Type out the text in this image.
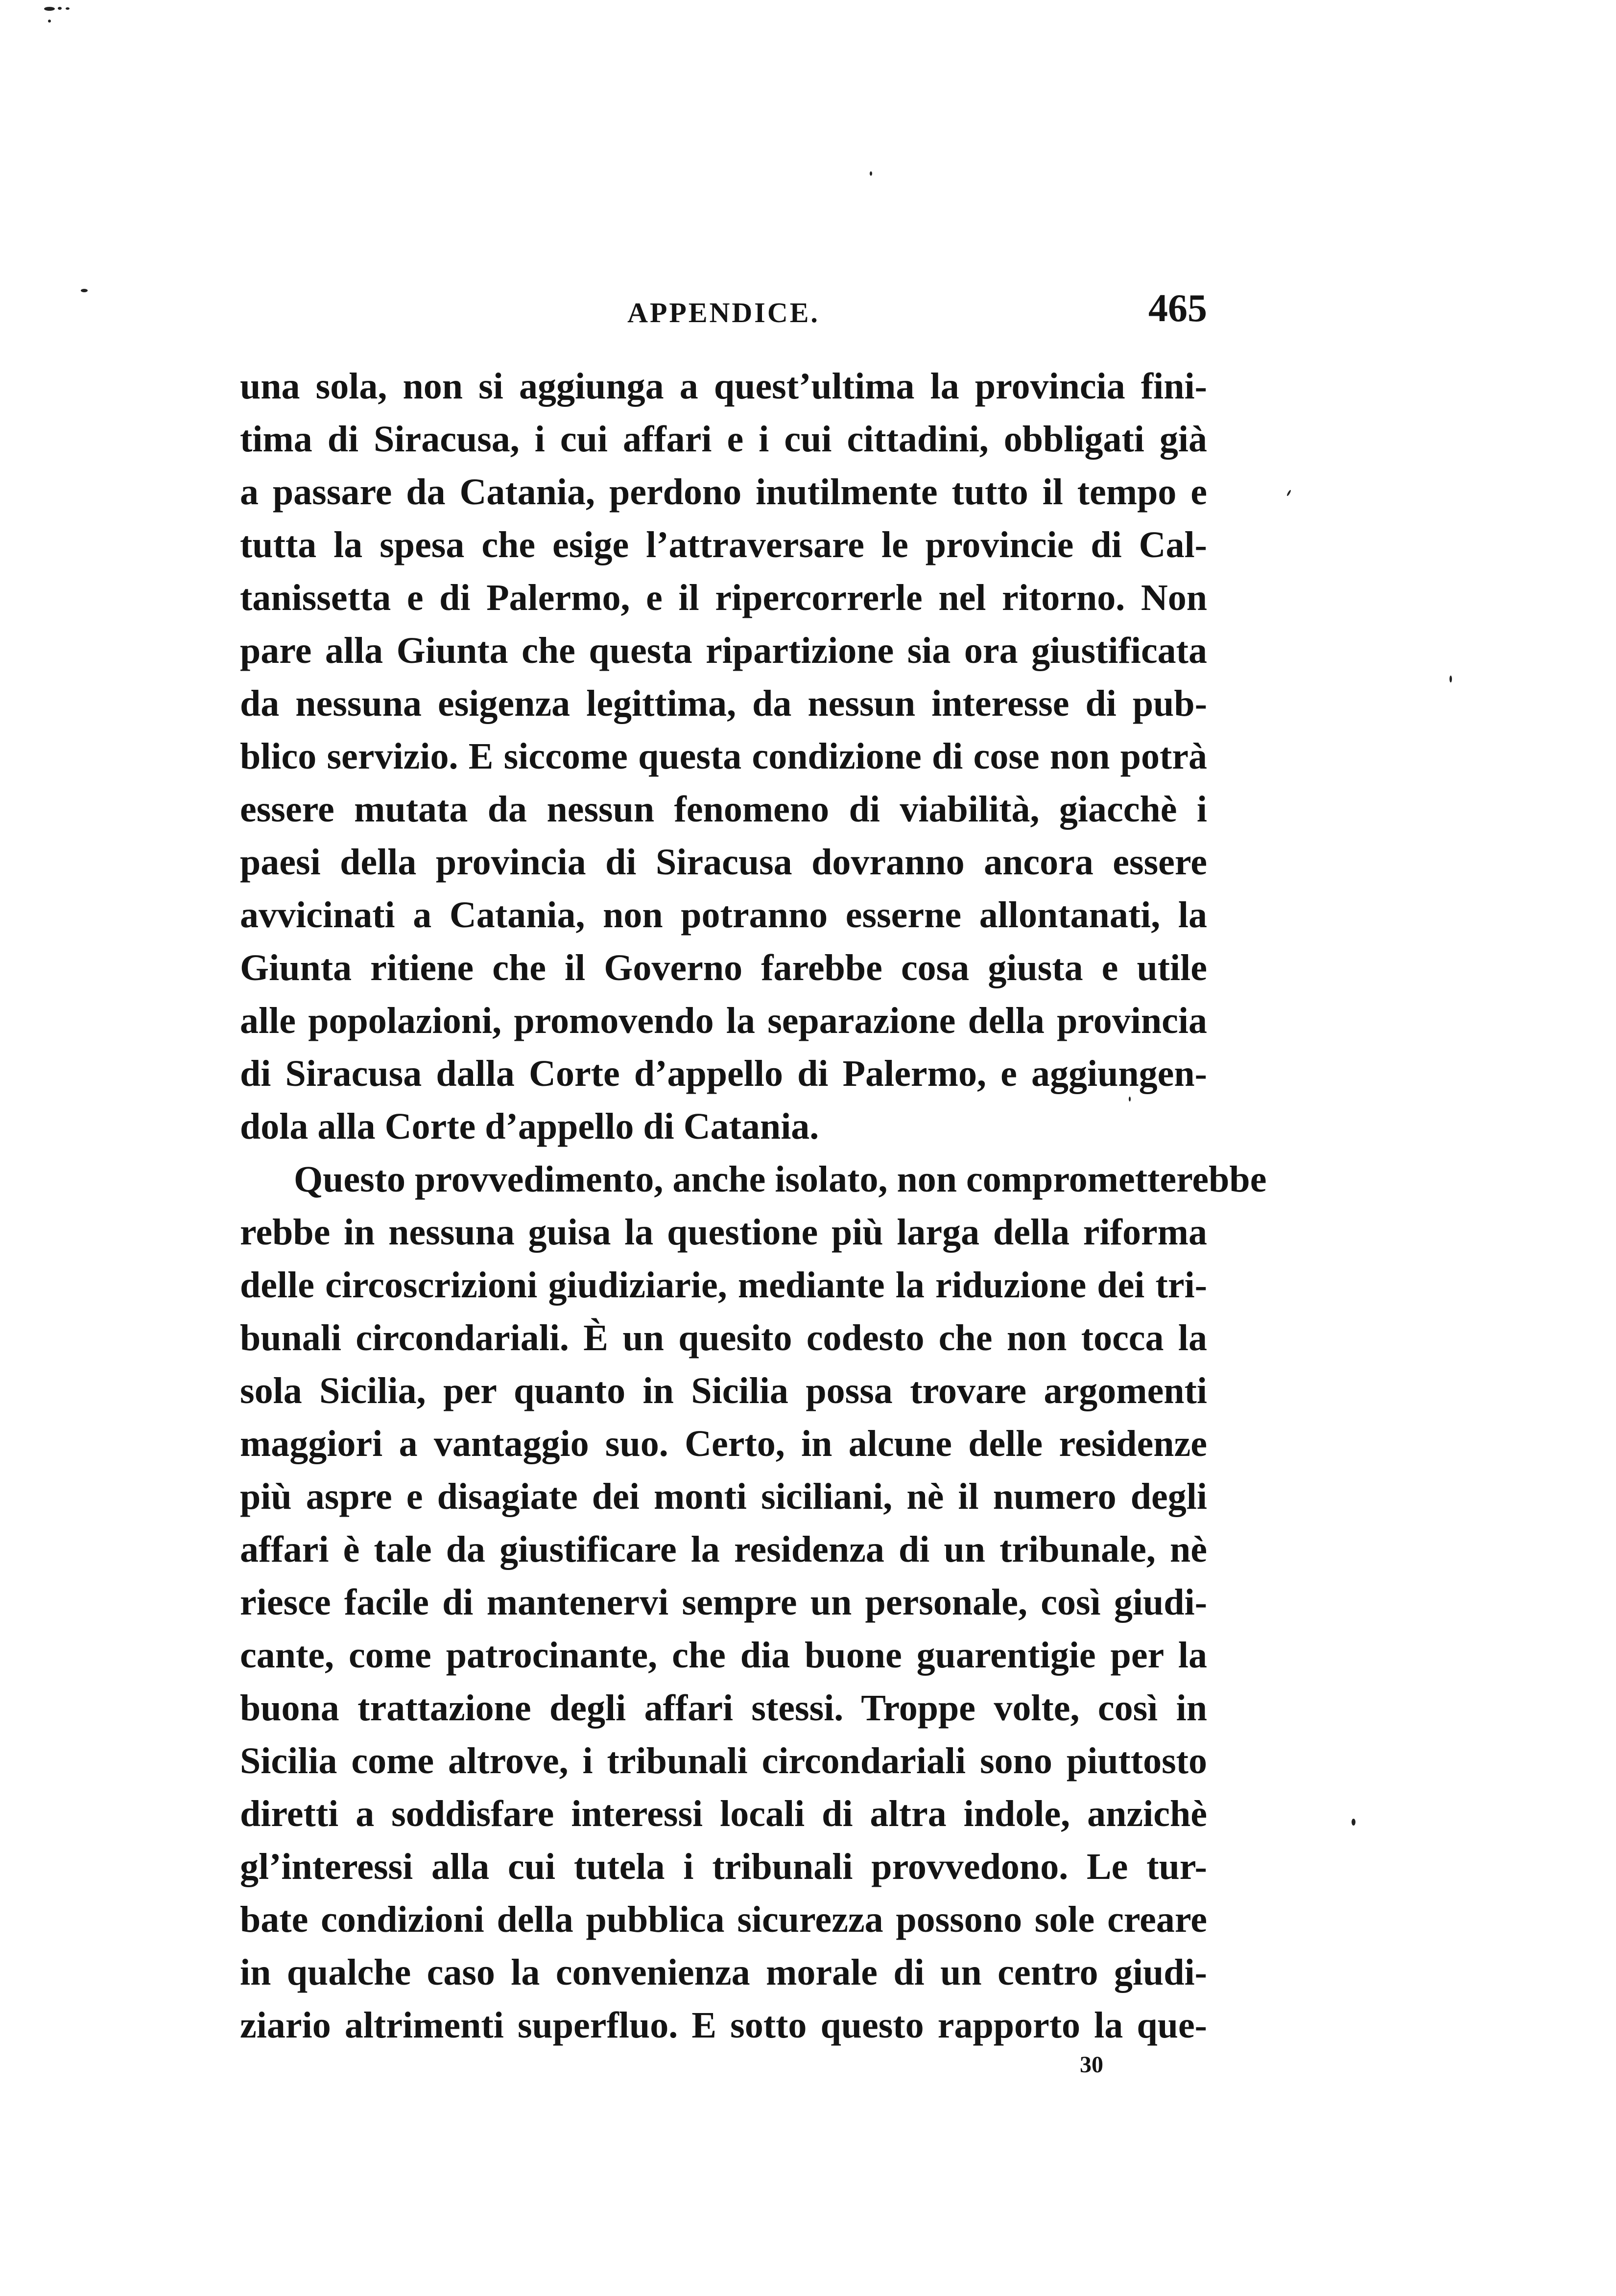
APPENDICE.	465
una sola, non si aggiunga a quest’ultima la provincia fini-
tima di Siracusa, i cui affari e i cui cittadini, obbligati già
a passare da Catania, perdono inutilmente tutto il tempo e
tutta la spesa che esige l’attraversare le provincie di Cal-
tanissetta e di Palermo, e il ripercorrerle nel ritorno. Non
pare alla Giunta che questa ripartizione sia ora giustificata
da nessuna esigenza legittima, da nessun interesse di pub-
blico servizio. E siccome questa condizione di cose non potrà
essere mutata da nessun fenomeno di viabilità, giacchè i
paesi della provincia di Siracusa dovranno ancora essere
avvicinati a Catania, non potranno esserne allontanati, la
Giunta ritiene che il Governo farebbe cosa giusta e utile
alle popolazioni, promovendo la separazione della provincia
di Siracusa dalla Corte d’appello di Palermo, e aggiungen-
dola alla Corte d’appello di Catania.
Questo provvedimento, anche isolato, non comprometterebbe
rebbe in nessuna guisa la questione più larga della riforma
delle circoscrizioni giudiziarie, mediante la riduzione dei tri-
bunali circondariali. È un quesito codesto che non tocca la
sola Sicilia, per quanto in Sicilia possa trovare argomenti
maggiori a vantaggio suo. Certo, in alcune delle residenze
più aspre e disagiate dei monti siciliani, nè il numero degli
affari è tale da giustificare la residenza di un tribunale, nè
riesce facile di mantenervi sempre un personale, così giudi-
cante, come patrocinante, che dia buone guarentigie per la
buona trattazione degli affari stessi. Troppe volte, così in
Sicilia come altrove, i tribunali circondariali sono piuttosto
diretti a soddisfare interessi locali di altra indole, anzichè
gl’interessi alla cui tutela i tribunali provvedono. Le tur-
bate condizioni della pubblica sicurezza possono sole creare
in qualche caso la convenienza morale di un centro giudi-
ziario altrimenti superfluo. E sotto questo rapporto la que-
30
